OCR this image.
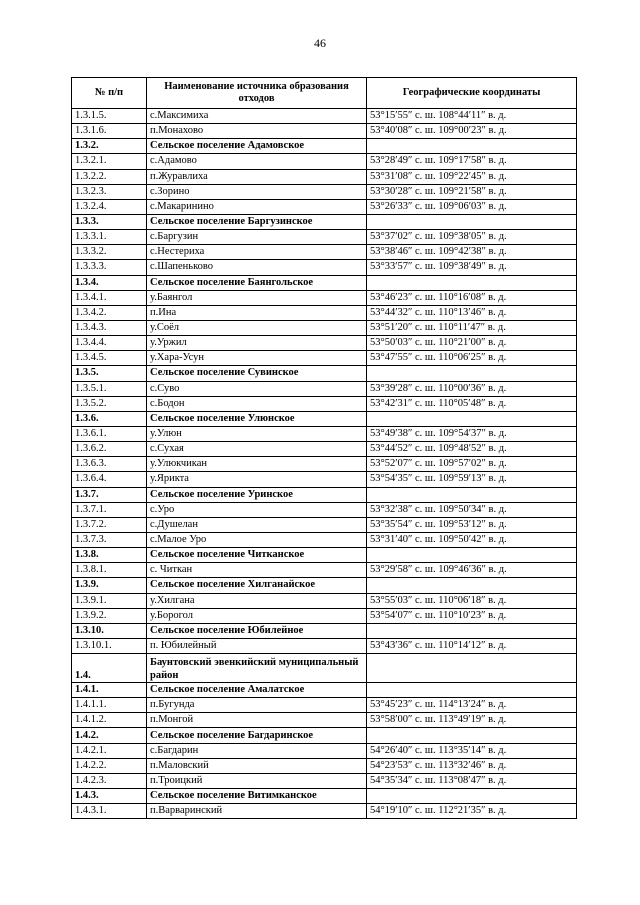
46
№ п/п	Наименование источника образования отходов	Географические координаты
1.3.1.5.	с.Максимиха	53°15′55″ с. ш. 108°44′11″ в. д.
1.3.1.6.	п.Монахово	53°40′08″ с. ш. 109°00′23″ в. д.
1.3.2.	Сельское поселение Адамовское	
1.3.2.1.	с.Адамово	53°28′49″ с. ш. 109°17′58″ в. д.
1.3.2.2.	п.Журавлиха	53°31′08″ с. ш. 109°22′45″ в. д.
1.3.2.3.	с.Зорино	53°30′28″ с. ш. 109°21′58″ в. д.
1.3.2.4.	с.Макаринино	53°26′33″ с. ш. 109°06′03″ в. д.
1.3.3.	Сельское поселение Баргузинское	
1.3.3.1.	с.Баргузин	53°37′02″ с. ш. 109°38′05″ в. д.
1.3.3.2.	с.Нестериха	53°38′46″ с. ш. 109°42′38″ в. д.
1.3.3.3.	с.Шапеньково	53°33′57″ с. ш. 109°38′49″ в. д.
1.3.4.	Сельское поселение Баянгольское	
1.3.4.1.	у.Баянгол	53°46′23″ с. ш. 110°16′08″ в. д.
1.3.4.2.	п.Ина	53°44′32″ с. ш. 110°13′46″ в. д.
1.3.4.3.	у.Соёл	53°51′20″ с. ш. 110°11′47″ в. д.
1.3.4.4.	у.Уржил	53°50′03″ с. ш. 110°21′00″ в. д.
1.3.4.5.	у.Хара-Усун	53°47′55″ с. ш. 110°06′25″ в. д.
1.3.5.	Сельское поселение Сувинское	
1.3.5.1.	с.Суво	53°39′28″ с. ш. 110°00′36″ в. д.
1.3.5.2.	с.Бодон	53°42′31″ с. ш. 110°05′48″ в. д.
1.3.6.	Сельское поселение Улюнское	
1.3.6.1.	у.Улюн	53°49′38″ с. ш. 109°54′37″ в. д.
1.3.6.2.	с.Сухая	53°44′52″ с. ш. 109°48′52″ в. д.
1.3.6.3.	у.Улюкчикан	53°52′07″ с. ш. 109°57′02″ в. д.
1.3.6.4.	у.Яриктa	53°54′35″ с. ш. 109°59′13″ в. д.
1.3.7.	Сельское поселение Уринское	
1.3.7.1.	с.Уро	53°32′38″ с. ш. 109°50′34″ в. д.
1.3.7.2.	с.Душелан	53°35′54″ с. ш. 109°53′12″ в. д.
1.3.7.3.	с.Малое Уро	53°31′40″ с. ш. 109°50′42″ в. д.
1.3.8.	Сельское поселение Читканское	
1.3.8.1.	с. Читкан	53°29′58″ с. ш. 109°46′36″ в. д.
1.3.9.	Сельское поселение Хилганайское	
1.3.9.1.	у.Хилгана	53°55′03″ с. ш. 110°06′18″ в. д.
1.3.9.2.	у.Борогол	53°54′07″ с. ш. 110°10′23″ в. д.
1.3.10.	Сельское поселение Юбилейное	
1.3.10.1.	п. Юбилейный	53°43′36″ с. ш. 110°14′12″ в. д.
1.4.	Баунтовский эвенкийский муниципальный район	
1.4.1.	Сельское поселение Амалатское	
1.4.1.1.	п.Бугунда	53°45′23″ с. ш. 114°13′24″ в. д.
1.4.1.2.	п.Монгой	53°58′00″ с. ш. 113°49′19″ в. д.
1.4.2.	Сельское поселение Багдаринское	
1.4.2.1.	с.Багдарин	54°26′40″ с. ш. 113°35′14″ в. д.
1.4.2.2.	п.Маловский	54°23′53″ с. ш. 113°32′46″ в. д.
1.4.2.3.	п.Троицкий	54°35′34″ с. ш. 113°08′47″ в. д.
1.4.3.	Сельское поселение Витимканское	
1.4.3.1.	п.Варваринский	54°19′10″ с. ш. 112°21′35″ в. д.
